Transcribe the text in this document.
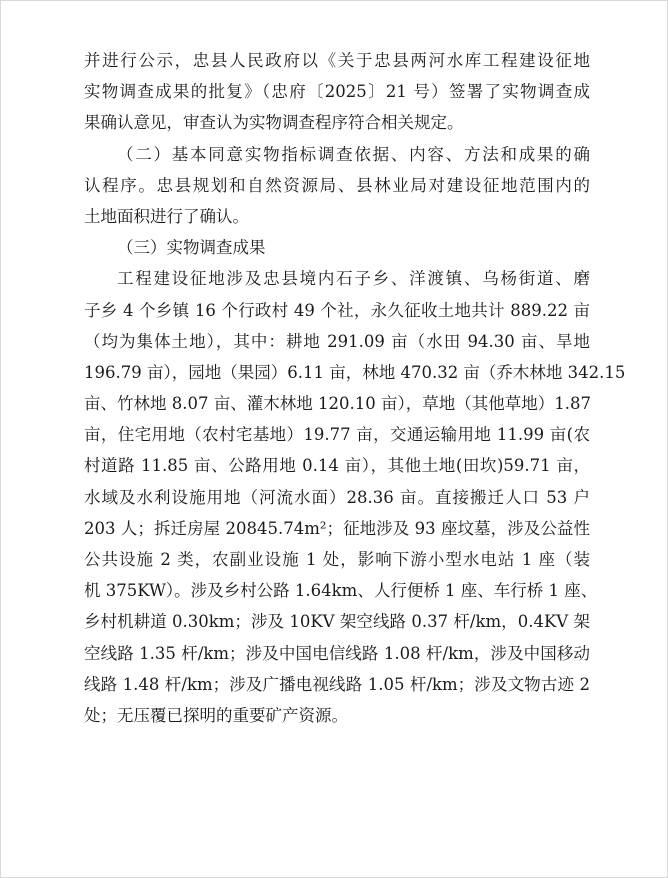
并进行公示，忠县人民政府以《关于忠县两河水库工程建设征地
实物调查成果的批复》（忠府〔2025〕21 号）签署了实物调查成
果确认意见，审查认为实物调查程序符合相关规定。
（二）基本同意实物指标调查依据、内容、方法和成果的确
认程序。忠县规划和自然资源局、县林业局对建设征地范围内的
土地面积进行了确认。
（三）实物调查成果
工程建设征地涉及忠县境内石子乡、洋渡镇、乌杨街道、磨
子乡 4 个乡镇 16 个行政村 49 个社，永久征收土地共计 889.22 亩
（均为集体土地），其中：耕地 291.09 亩（水田 94.30 亩、旱地
196.79 亩），园地（果园）6.11 亩，林地 470.32 亩（乔木林地 342.15
亩、竹林地 8.07 亩、灌木林地 120.10 亩），草地（其他草地）1.87
亩，住宅用地（农村宅基地）19.77 亩，交通运输用地 11.99 亩(农
村道路 11.85 亩、公路用地 0.14 亩），其他土地(田坎)59.71 亩，
水域及水利设施用地（河流水面）28.36 亩。直接搬迁人口 53 户
203 人；拆迁房屋 20845.74m²；征地涉及 93 座坟墓，涉及公益性
公共设施 2 类，农副业设施 1 处，影响下游小型水电站 1 座（装
机 375KW）。涉及乡村公路 1.64km、人行便桥 1 座、车行桥 1 座、
乡村机耕道 0.30km；涉及 10KV 架空线路 0.37 杆/km，0.4KV 架
空线路 1.35 杆/km；涉及中国电信线路 1.08 杆/km，涉及中国移动
线路 1.48 杆/km；涉及广播电视线路 1.05 杆/km；涉及文物古迹 2
处；无压覆已探明的重要矿产资源。
